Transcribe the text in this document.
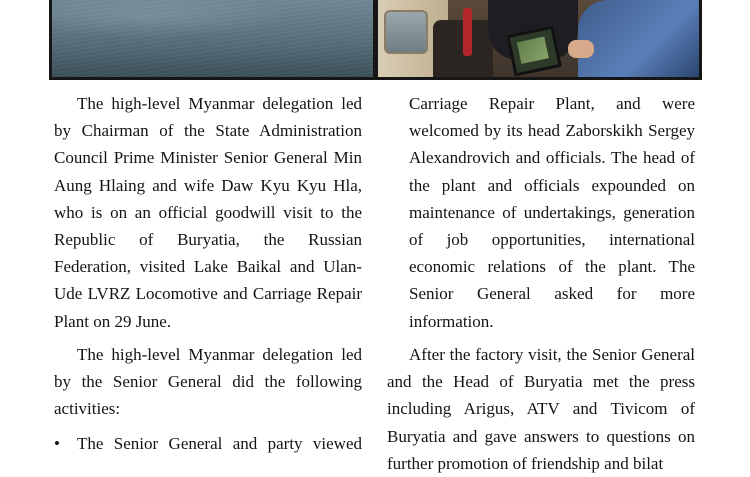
The high-level Myanmar delegation led by Chairman of the State Administration Council Prime Minister Senior General Min Aung Hlaing and wife Daw Kyu Kyu Hla, who is on an official goodwill visit to the Republic of Buryatia, the Russian Federation, visited Lake Baikal and Ulan-Ude LVRZ Locomotive and Carriage Repair Plant on 29 June.

The high-level Myanmar delegation led by the Senior General did the following activities:

• The Senior General and party viewed

Carriage Repair Plant, and were welcomed by its head Zaborskikh Sergey Alexandrovich and officials. The head of the plant and officials expounded on maintenance of undertakings, generation of job opportunities, international economic relations of the plant. The Senior General asked for more information.

After the factory visit, the Senior General and the Head of Buryatia met the press including Arigus, ATV and Tivicom of Buryatia and gave answers to questions on further promotion of friendship and bilat
